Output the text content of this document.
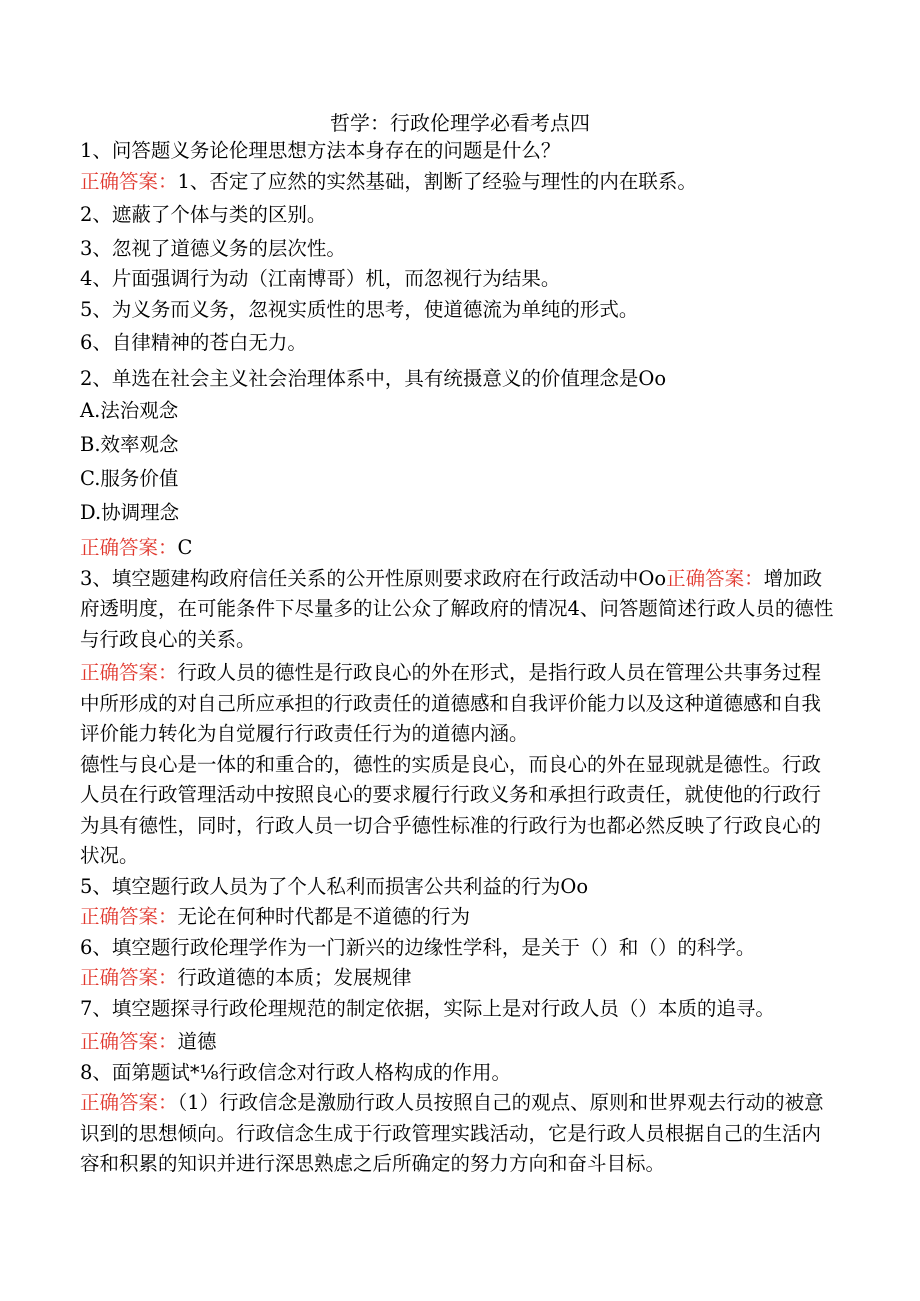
哲学：行政伦理学必看考点四

1、问答题义务论伦理思想方法本身存在的问题是什么？

正确答案：1、否定了应然的实然基础，割断了经验与理性的内在联系。

2、遮蔽了个体与类的区别。

3、忽视了道德义务的层次性。

4、片面强调行为动（江南博哥）机，而忽视行为结果。

5、为义务而义务，忽视实质性的思考，使道德流为单纯的形式。

6、自律精神的苍白无力。

2、单选在社会主义社会治理体系中，具有统摄意义的价值理念是Oo

A.法治观念

B.效率观念

C.服务价值

D.协调理念

正确答案：C

3、填空题建构政府信任关系的公开性原则要求政府在行政活动中Oo正确答案：增加政府透明度，在可能条件下尽量多的让公众了解政府的情况4、问答题简述行政人员的德性与行政良心的关系。

正确答案：行政人员的德性是行政良心的外在形式，是指行政人员在管理公共事务过程中所形成的对自己所应承担的行政责任的道德感和自我评价能力以及这种道德感和自我评价能力转化为自觉履行行政责任行为的道德内涵。

德性与良心是一体的和重合的，德性的实质是良心，而良心的外在显现就是德性。行政人员在行政管理活动中按照良心的要求履行行政义务和承担行政责任，就使他的行政行为具有德性，同时，行政人员一切合乎德性标准的行政行为也都必然反映了行政良心的状况。

5、填空题行政人员为了个人私利而损害公共利益的行为Oo

正确答案：无论在何种时代都是不道德的行为

6、填空题行政伦理学作为一门新兴的边缘性学科，是关于（）和（）的科学。

正确答案：行政道德的本质；发展规律

7、填空题探寻行政伦理规范的制定依据，实际上是对行政人员（）本质的追寻。

正确答案：道德

8、面第题试*⅛行政信念对行政人格构成的作用。

正确答案：（1）行政信念是激励行政人员按照自己的观点、原则和世界观去行动的被意识到的思想倾向。行政信念生成于行政管理实践活动，它是行政人员根据自己的生活内容和积累的知识并进行深思熟虑之后所确定的努力方向和奋斗目标。
